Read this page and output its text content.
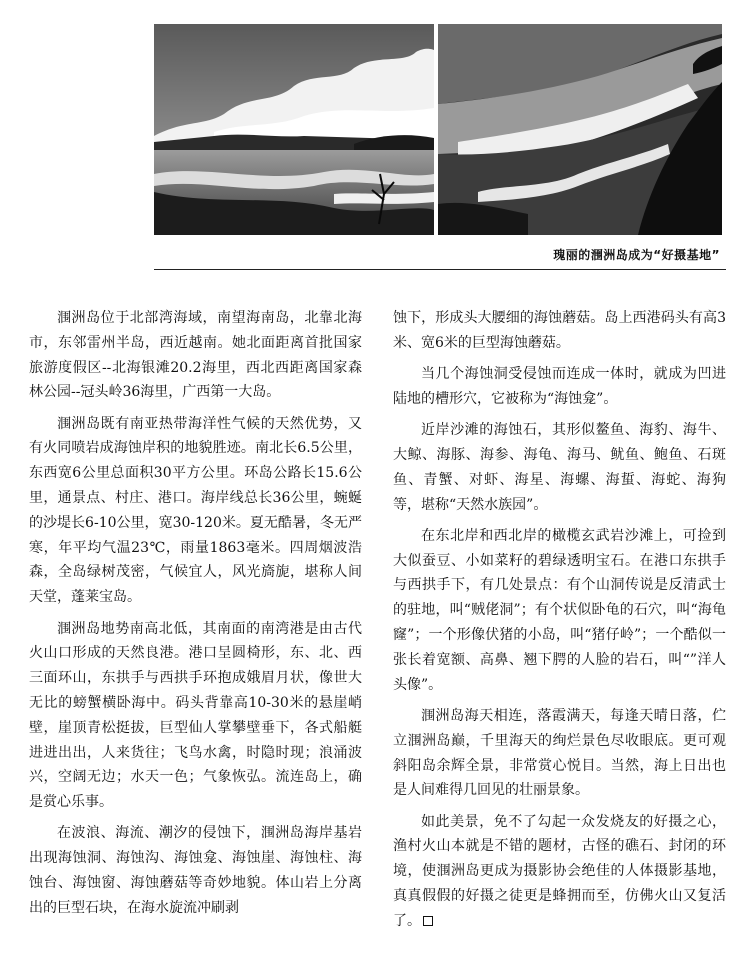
瑰丽的涠洲岛成为“好摄基地”

涠洲岛位于北部湾海域，南望海南岛，北靠北海市，东邻雷州半岛，西近越南。她北面距离首批国家旅游度假区--北海银滩20.2海里，西北西距离国家森林公园--冠头岭36海里，广西第一大岛。

涠洲岛既有南亚热带海洋性气候的天然优势，又有火同喷岩成海蚀岸积的地貌胜迹。南北长6.5公里，东西宽6公里总面积30平方公里。环岛公路长15.6公里，通景点、村庄、港口。海岸线总长36公里，蜿蜒的沙堤长6-10公里，宽30-120米。夏无酷暑，冬无严寒，年平均气温23℃，雨量1863毫米。四周烟波浩森，全岛绿树茂密，气候宜人，风光旖旎，堪称人间天堂，蓬莱宝岛。

涠洲岛地势南高北低，其南面的南湾港是由古代火山口形成的天然良港。港口呈圆椅形，东、北、西三面环山，东拱手与西拱手环抱成娥眉月状，像世大无比的螃蟹横卧海中。码头背靠高10-30米的悬崖峭壁，崖顶青松挺拔，巨型仙人掌攀壁垂下，各式船艇进进出出，人来货往；飞鸟水禽，时隐时现；浪涌波兴，空阔无边；水天一色；气象恢弘。流连岛上，确是赏心乐事。

在波浪、海流、潮汐的侵蚀下，涠洲岛海岸基岩出现海蚀洞、海蚀沟、海蚀龛、海蚀崖、海蚀柱、海蚀台、海蚀窗、海蚀蘑菇等奇妙地貌。体山岩上分离出的巨型石块，在海水旋流冲刷剥

蚀下，形成头大腰细的海蚀蘑菇。岛上西港码头有高3米、宽6米的巨型海蚀蘑菇。

当几个海蚀洞受侵蚀而连成一体时，就成为凹进陆地的槽形穴，它被称为“海蚀龛”。

近岸沙滩的海蚀石，其形似鳌鱼、海豹、海牛、大鲸、海豚、海参、海龟、海马、鱿鱼、鲍鱼、石斑鱼、青蟹、对虾、海星、海螺、海蜇、海蛇、海狗等，堪称“天然水族园”。

在东北岸和西北岸的橄榄玄武岩沙滩上，可捡到大似蚕豆、小如菜籽的碧绿透明宝石。在港口东拱手与西拱手下，有几处景点：有个山洞传说是反清武士的驻地，叫“贼佬洞”；有个状似卧龟的石穴，叫“海龟窿”；一个形像伏猪的小岛，叫“猪仔岭”；一个酷似一张长着宽额、高鼻、翘下腭的人脸的岩石，叫“”洋人头像”。

涠洲岛海天相连，落霞满天，每逢天晴日落，伫立涠洲岛巅，千里海天的绚烂景色尽收眼底。更可观斜阳岛余辉全景，非常赏心悦目。当然，海上日出也是人间难得几回见的壮丽景象。

如此美景，免不了勾起一众发烧友的好摄之心，渔村火山本就是不错的题材，古怪的礁石、封闭的环境，使涠洲岛更成为摄影协会绝佳的人体摄影基地，真真假假的好摄之徒更是蜂拥而至，仿佛火山又复活了。
